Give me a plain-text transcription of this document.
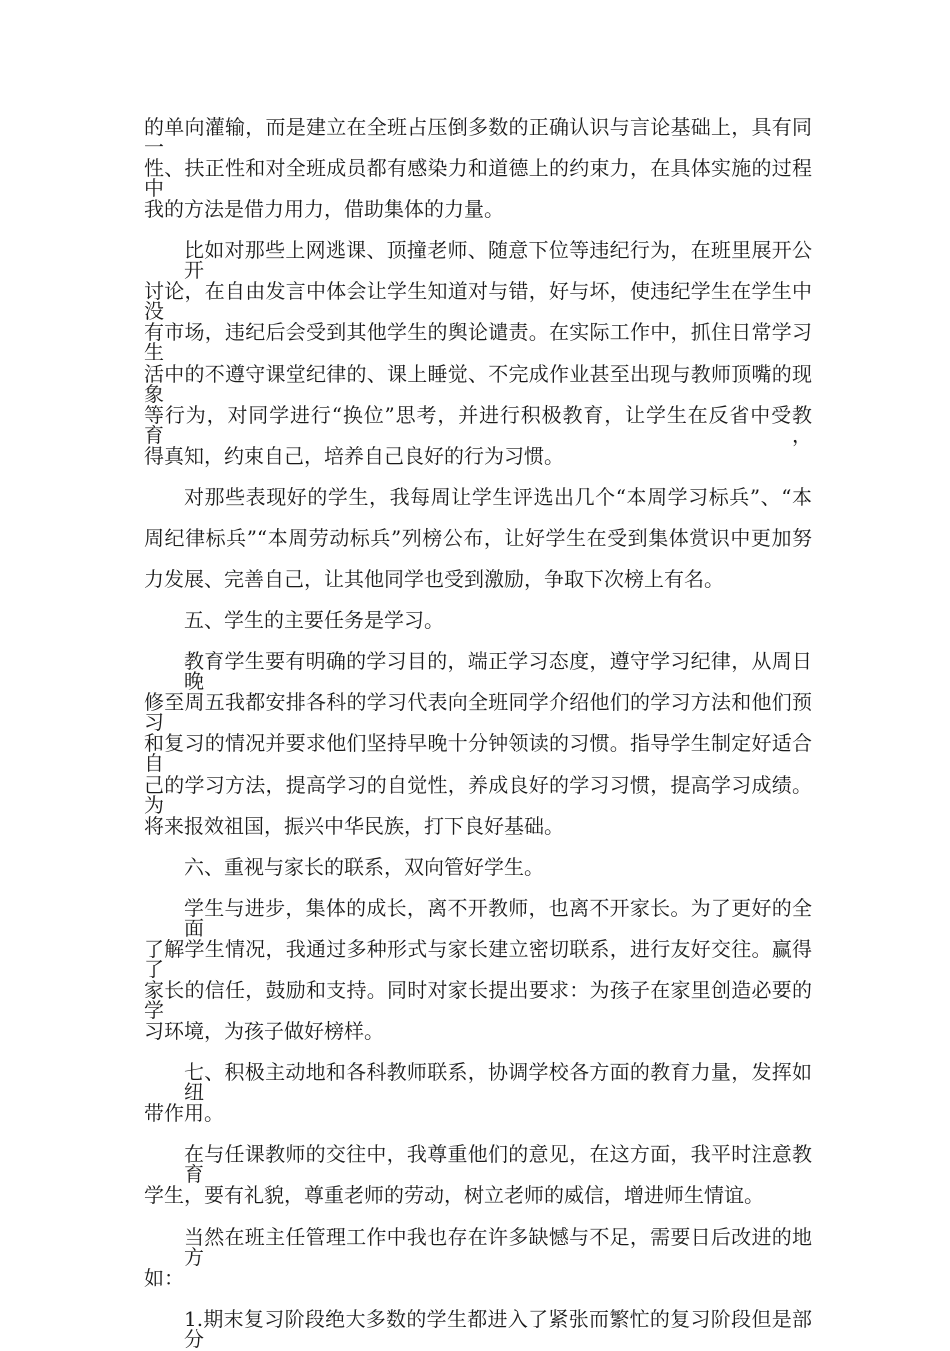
的单向灌输，而是建立在全班占压倒多数的正确认识与言论基础上，具有同一
性、扶正性和对全班成员都有感染力和道德上的约束力，在具体实施的过程中
我的方法是借力用力，借助集体的力量。
比如对那些上网逃课、顶撞老师、随意下位等违纪行为，在班里展开公开
讨论，在自由发言中体会让学生知道对与错，好与坏，使违纪学生在学生中没
有市场，违纪后会受到其他学生的舆论谴责。在实际工作中，抓住日常学习生
活中的不遵守课堂纪律的、课上睡觉、不完成作业甚至出现与教师顶嘴的现象
等行为，对同学进行“换位”思考，并进行积极教育，让学生在反省中受教育，
得真知，约束自己，培养自己良好的行为习惯。
对那些表现好的学生，我每周让学生评选出几个“本周学习标兵”、“本
周纪律标兵”“本周劳动标兵”列榜公布，让好学生在受到集体赏识中更加努
力发展、完善自己，让其他同学也受到激励，争取下次榜上有名。
五、学生的主要任务是学习。
教育学生要有明确的学习目的，端正学习态度，遵守学习纪律，从周日晚
修至周五我都安排各科的学习代表向全班同学介绍他们的学习方法和他们预习
和复习的情况并要求他们坚持早晚十分钟领读的习惯。指导学生制定好适合自
己的学习方法，提高学习的自觉性，养成良好的学习习惯，提高学习成绩。为
将来报效祖国，振兴中华民族，打下良好基础。
六、重视与家长的联系，双向管好学生。
学生与进步，集体的成长，离不开教师，也离不开家长。为了更好的全面
了解学生情况，我通过多种形式与家长建立密切联系，进行友好交往。赢得了
家长的信任，鼓励和支持。同时对家长提出要求：为孩子在家里创造必要的学
习环境，为孩子做好榜样。
七、积极主动地和各科教师联系，协调学校各方面的教育力量，发挥如纽
带作用。
在与任课教师的交往中，我尊重他们的意见，在这方面，我平时注意教育
学生，要有礼貌，尊重老师的劳动，树立老师的威信，增进师生情谊。
当然在班主任管理工作中我也存在许多缺憾与不足，需要日后改进的地方
如：
1.期末复习阶段绝大多数的学生都进入了紧张而繁忙的复习阶段但是部分
